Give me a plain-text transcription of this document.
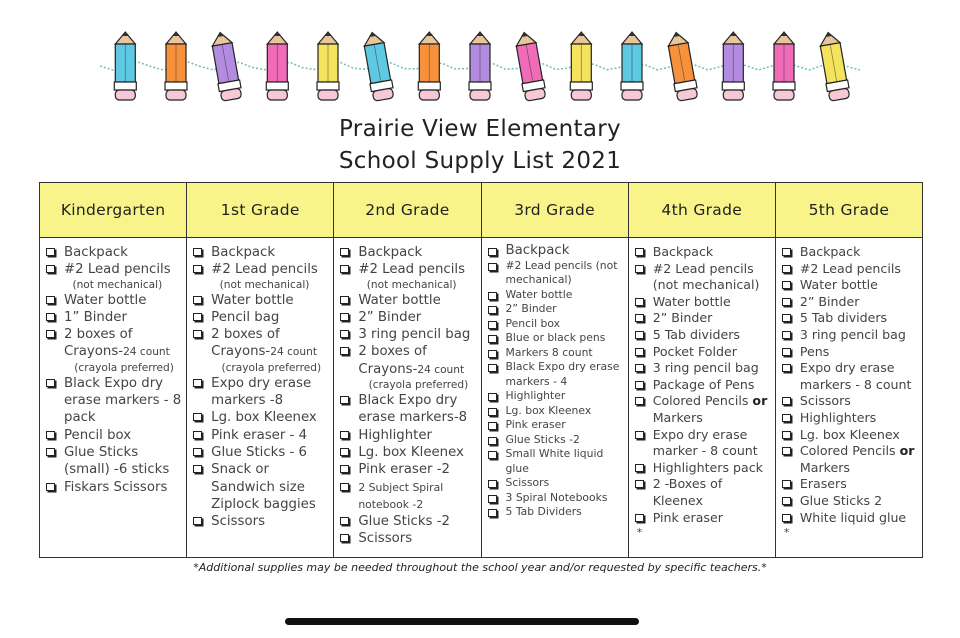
Prairie View Elementary
School Supply List 2021
Kindergarten
Backpack
#2 Lead pencils

(not mechanical)
Water bottle
1” Binder
2 boxes of Crayons-24 count

(crayola preferred)
Black Expo dry erase markers - 8 pack
Pencil box
Glue Sticks (small) -6 sticks
Fiskars Scissors
1st Grade
Backpack
#2 Lead pencils

(not mechanical)
Water bottle
Pencil bag
2 boxes of Crayons-24 count

(crayola preferred)
Expo dry erase markers -8
Lg. box Kleenex
Pink eraser - 4
Glue Sticks - 6
Snack or Sandwich size Ziplock baggies
Scissors
2nd Grade
Backpack
#2 Lead pencils

(not mechanical)
Water bottle
2” Binder
3 ring pencil bag
2 boxes of Crayons-24 count

(crayola preferred)
Black Expo dry erase markers-8
Highlighter
Lg. box Kleenex
Pink eraser -2
2 Subject Spiral notebook -2
Glue Sticks -2
Scissors
3rd Grade
Backpack
#2 Lead pencils (not mechanical)
Water bottle
2” Binder
Pencil box
Blue or black pens
Markers 8 count
Black Expo dry erase markers - 4
Highlighter
Lg. box Kleenex
Pink eraser
Glue Sticks -2
Small White liquid glue
Scissors
3 Spiral Notebooks
5 Tab Dividers
4th Grade
Backpack
#2 Lead pencils (not mechanical)
Water bottle
2” Binder
5 Tab dividers
Pocket Folder
3 ring pencil bag
Package of Pens
Colored Pencils or Markers
Expo dry erase marker - 8 count
Highlighters pack
2 -Boxes of Kleenex
Pink eraser
*
5th Grade
Backpack
#2 Lead pencils
Water bottle
2” Binder
5 Tab dividers
3 ring pencil bag
Pens
Expo dry erase markers - 8 count
Scissors
Highlighters
Lg. box Kleenex
Colored Pencils or Markers
Erasers
Glue Sticks 2
White liquid glue
*
*Additional supplies may be needed throughout the school year and/or requested by specific teachers.*
